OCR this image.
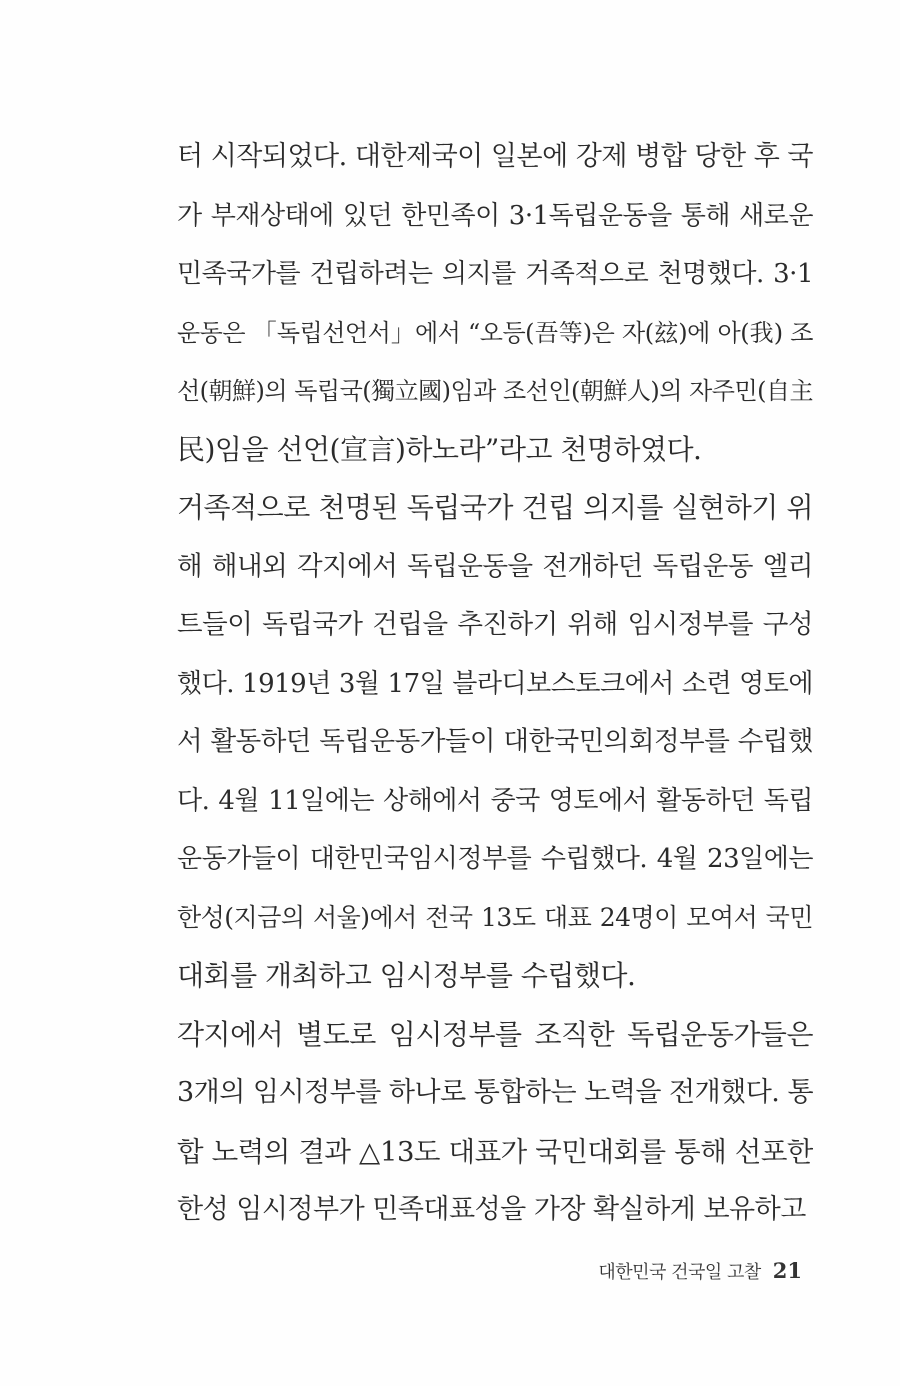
터 시작되었다. 대한제국이 일본에 강제 병합 당한 후 국
가 부재상태에 있던 한민족이 3·1독립운동을 통해 새로운
민족국가를 건립하려는 의지를 거족적으로 천명했다. 3·1
운동은 「독립선언서」에서 “오등(吾等)은 자(玆)에 아(我) 조
선(朝鮮)의 독립국(獨立國)임과 조선인(朝鮮人)의 자주민(自主
民)임을 선언(宣言)하노라”라고 천명하였다.
거족적으로 천명된 독립국가 건립 의지를 실현하기 위
해 해내외 각지에서 독립운동을 전개하던 독립운동 엘리
트들이 독립국가 건립을 추진하기 위해 임시정부를 구성
했다. 1919년 3월 17일 블라디보스토크에서 소련 영토에
서 활동하던 독립운동가들이 대한국민의회정부를 수립했
다. 4월 11일에는 상해에서 중국 영토에서 활동하던 독립
운동가들이 대한민국임시정부를 수립했다. 4월 23일에는
한성(지금의 서울)에서 전국 13도 대표 24명이 모여서 국민
대회를 개최하고 임시정부를 수립했다.
각지에서 별도로 임시정부를 조직한 독립운동가들은
3개의 임시정부를 하나로 통합하는 노력을 전개했다. 통
합 노력의 결과 △13도 대표가 국민대회를 통해 선포한
한성 임시정부가 민족대표성을 가장 확실하게 보유하고
대한민국 건국일 고찰 21
